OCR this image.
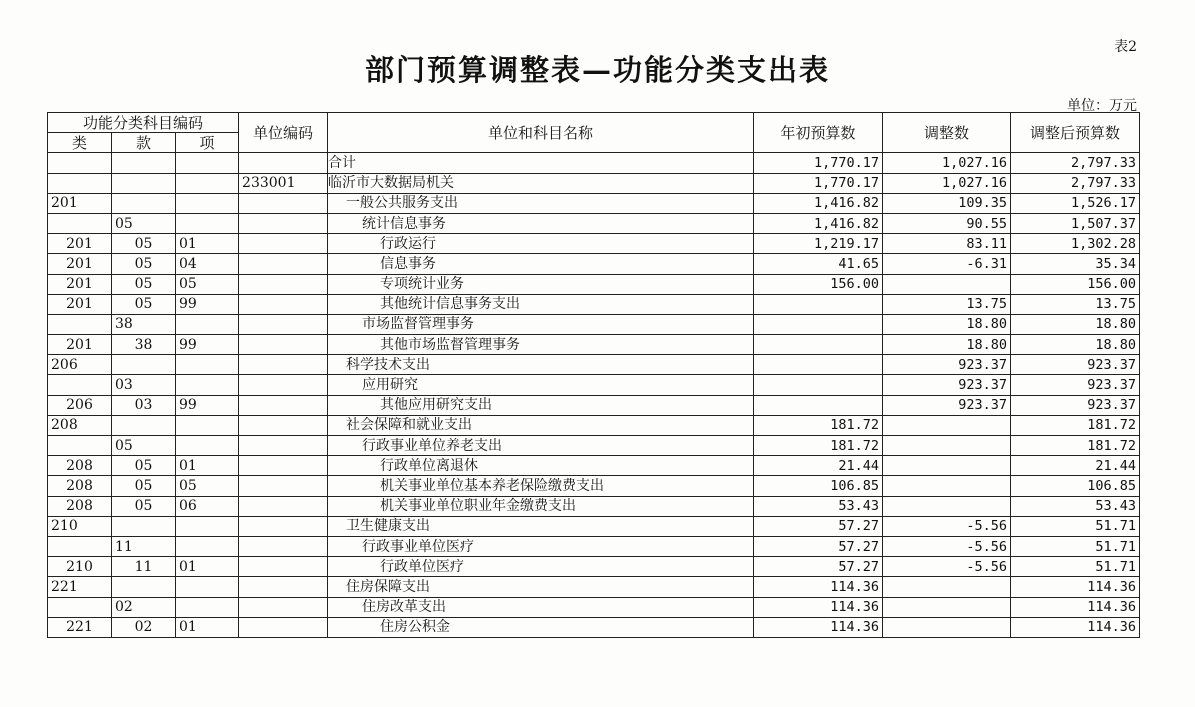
表2
部门预算调整表—功能分类支出表
单位：万元
功能分类科目编码			单位编码	单位和科目名称	年初预算数	调整数	调整后预算数
类	款	项					
				合计	1,770.17	1,027.16	2,797.33
			233001	临沂市大数据局机关	1,770.17	1,027.16	2,797.33
201				一般公共服务支出	1,416.82	109.35	1,526.17
	05			统计信息事务	1,416.82	90.55	1,507.37
201	05	01		行政运行	1,219.17	83.11	1,302.28
201	05	04		信息事务	41.65	-6.31	35.34
201	05	05		专项统计业务	156.00		156.00
201	05	99		其他统计信息事务支出		13.75	13.75
	38			市场监督管理事务		18.80	18.80
201	38	99		其他市场监督管理事务		18.80	18.80
206				科学技术支出		923.37	923.37
	03			应用研究		923.37	923.37
206	03	99		其他应用研究支出		923.37	923.37
208				社会保障和就业支出	181.72		181.72
	05			行政事业单位养老支出	181.72		181.72
208	05	01		行政单位离退休	21.44		21.44
208	05	05		机关事业单位基本养老保险缴费支出	106.85		106.85
208	05	06		机关事业单位职业年金缴费支出	53.43		53.43
210				卫生健康支出	57.27	-5.56	51.71
	11			行政事业单位医疗	57.27	-5.56	51.71
210	11	01		行政单位医疗	57.27	-5.56	51.71
221				住房保障支出	114.36		114.36
	02			住房改革支出	114.36		114.36
221	02	01		住房公积金	114.36		114.36
